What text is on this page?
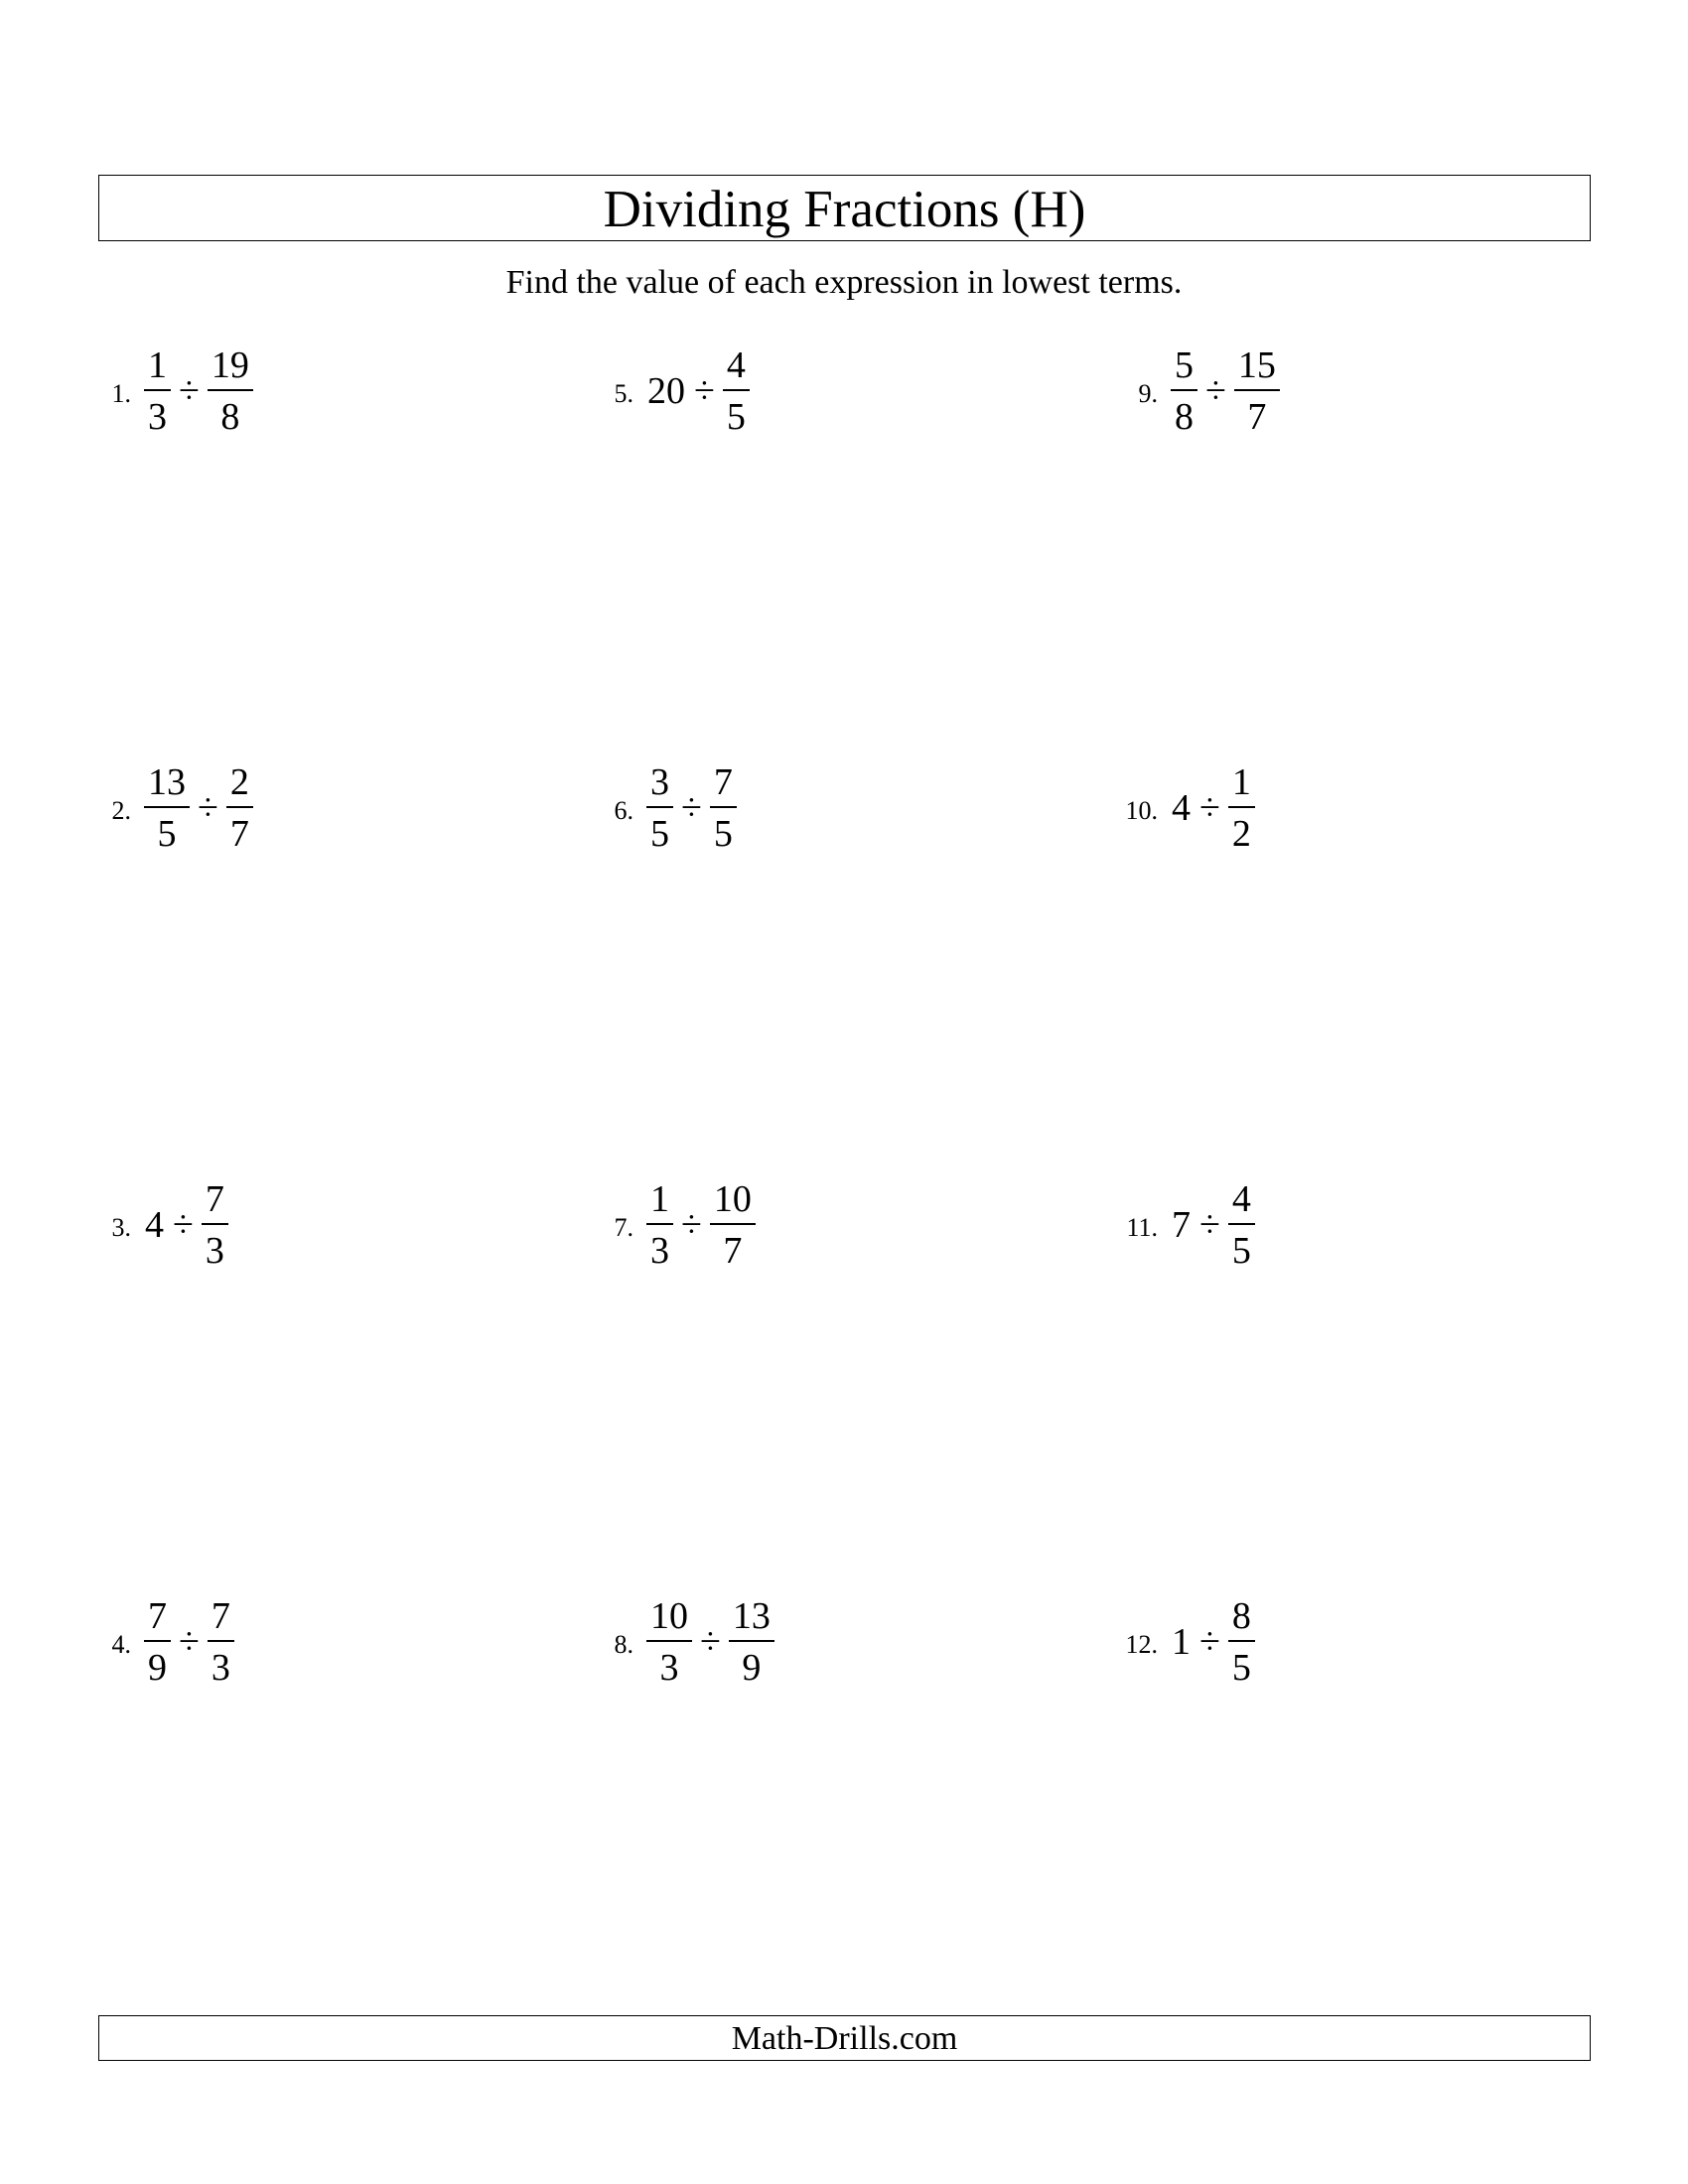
Dividing Fractions (H)
Find the value of each expression in lowest terms.
1. $\frac{1}{3} \div \frac{19}{8}$
2. $\frac{13}{5} \div \frac{2}{7}$
3. $4 \div \frac{7}{3}$
4. $\frac{7}{9} \div \frac{7}{3}$
5. $20 \div \frac{4}{5}$
6. $\frac{3}{5} \div \frac{7}{5}$
7. $\frac{1}{3} \div \frac{10}{7}$
8. $\frac{10}{3} \div \frac{13}{9}$
9. $\frac{5}{8} \div \frac{15}{7}$
10. $4 \div \frac{1}{2}$
11. $7 \div \frac{4}{5}$
12. $1 \div \frac{8}{5}$
Math-Drills.com
